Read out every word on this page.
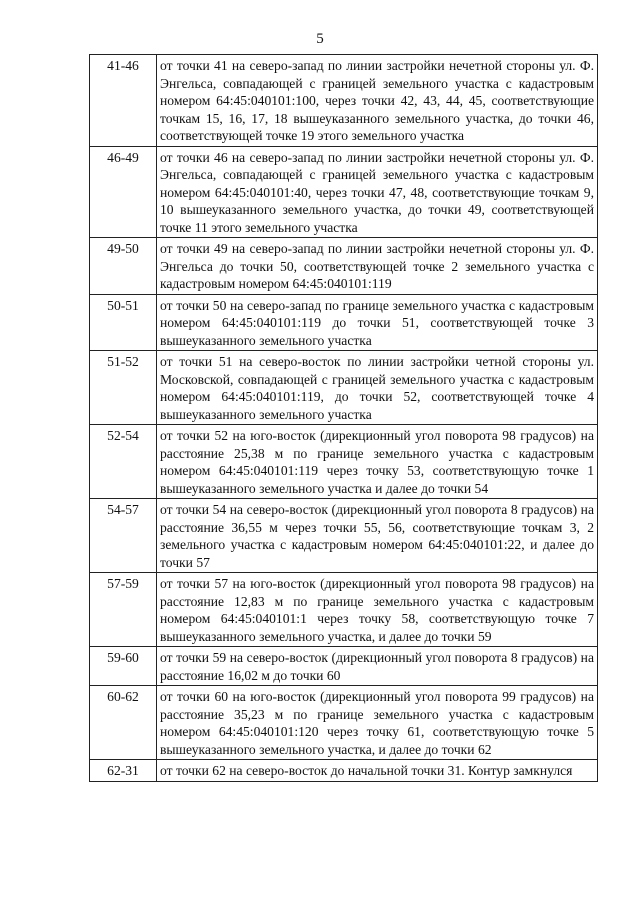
5
41-46	от точки 41 на северо-запад по линии застройки нечетной стороны ул. Ф. Энгельса, совпадающей с границей земельного участка с кадастровым номером 64:45:040101:100, через точки 42, 43, 44, 45, соответствующие точкам 15, 16, 17, 18 вышеуказанного земельного участка, до точки 46, соответствующей точке 19 этого земельного участка
46-49	от точки 46 на северо-запад по линии застройки нечетной стороны ул. Ф. Энгельса, совпадающей с границей земельного участка с кадастровым номером 64:45:040101:40, через точки 47, 48, соответствующие точкам 9, 10 вышеуказанного земельного участка, до точки 49, соответствующей точке 11 этого земельного участка
49-50	от точки 49 на северо-запад по линии застройки нечетной стороны ул. Ф. Энгельса до точки 50, соответствующей точке 2 земельного участка с кадастровым номером 64:45:040101:119
50-51	от точки 50 на северо-запад по границе земельного участка с кадастровым номером 64:45:040101:119 до точки 51, соответствующей точке 3 вышеуказанного земельного участка
51-52	от точки 51 на северо-восток по линии застройки четной стороны ул. Московской, совпадающей с границей земельного участка с кадастровым номером 64:45:040101:119, до точки 52, соответствующей точке 4 вышеуказанного земельного участка
52-54	от точки 52 на юго-восток (дирекционный угол поворота 98 градусов) на расстояние 25,38 м по границе земельного участка с кадастровым номером 64:45:040101:119 через точку 53, соответствующую точке 1 вышеуказанного земельного участка и далее до точки 54
54-57	от точки 54 на северо-восток (дирекционный угол поворота 8 градусов) на расстояние 36,55 м через точки 55, 56, соответствующие точкам 3, 2 земельного участка с кадастровым номером 64:45:040101:22, и далее до точки 57
57-59	от точки 57 на юго-восток (дирекционный угол поворота 98 градусов) на расстояние 12,83 м по границе земельного участка с кадастровым номером 64:45:040101:1 через точку 58, соответствующую точке 7 вышеуказанного земельного участка, и далее до точки 59
59-60	от точки 59 на северо-восток (дирекционный угол поворота 8 градусов) на расстояние 16,02 м до точки 60
60-62	от точки 60 на юго-восток (дирекционный угол поворота 99 градусов) на расстояние 35,23 м по границе земельного участка с кадастровым номером 64:45:040101:120 через точку 61, соответствующую точке 5 вышеуказанного земельного участка, и далее до точки 62
62-31	от точки 62 на северо-восток до начальной точки 31. Контур замкнулся
